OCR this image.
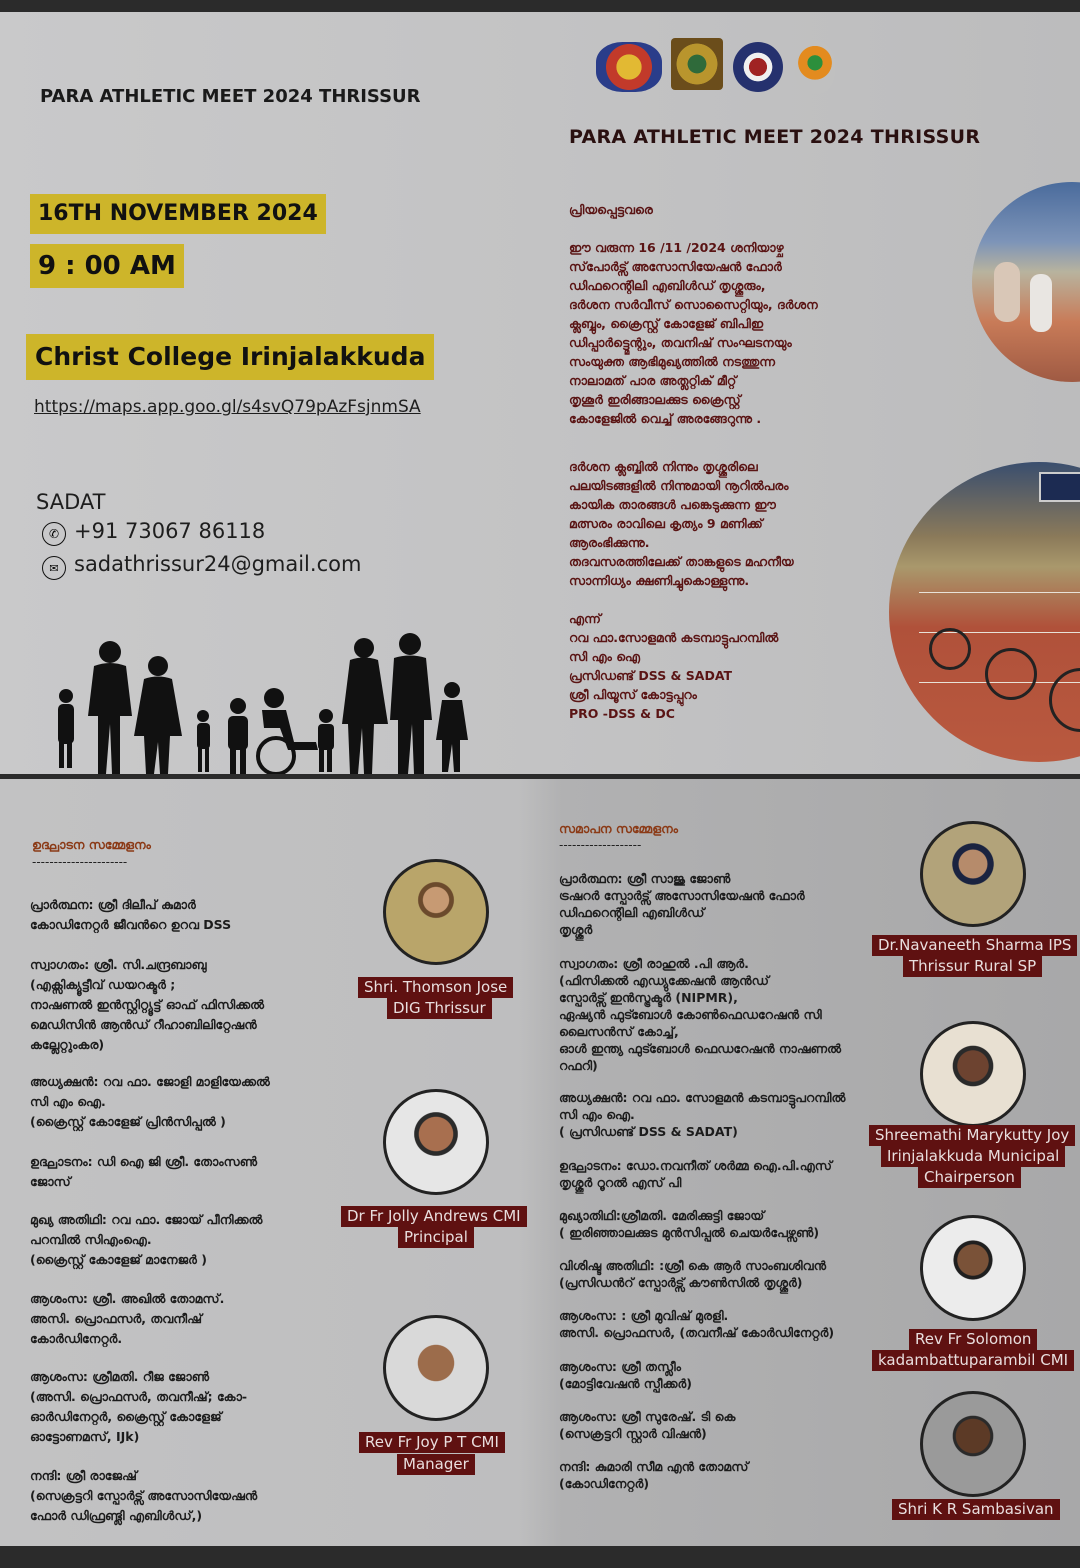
PARA ATHLETIC MEET 2024 THRISSUR
PARA ATHLETIC MEET 2024 THRISSUR
16TH NOVEMBER 2024
9 : 00 AM
Christ College Irinjalakkuda
https://maps.app.goo.gl/s4svQ79pAzFsjnmSA
SADAT
✆ +91 73067 86118
✉ sadathrissur24@gmail.com
പ്രിയപ്പെട്ടവരെ
ഈ വരുന്ന 16 /11 /2024 ശനിയാഴ്ച
സ്‌പോർട്സ് അസോസിയേഷൻ ഫോർ
ഡിഫറെന്റിലി എബിൾഡ് തൃശ്ശൂരും,
ദർശന സർവീസ് സൊസൈറ്റിയും, ദർശന
ക്ലബ്ബും, ക്രൈസ്റ്റ് കോളേജ് ബിപിഇ
ഡിപ്പാർട്ട്മെന്റും, തവനിഷ് സംഘടനയും
സംയുക്ത ആഭിമുഖ്യത്തിൽ നടത്തുന്ന
നാലാമത് പാര അത്ലറ്റിക് മീറ്റ്
തൃശൂർ ഇരിങ്ങാലക്കുട ക്രൈസ്റ്റ്
കോളേജിൽ വെച്ച് അരങ്ങേറുന്നു .
ദർശന ക്ലബ്ബിൽ നിന്നും തൃശ്ശൂരിലെ
പലയിടങ്ങളിൽ നിന്നുമായി നൂറിൽപരം
കായിക താരങ്ങൾ പങ്കെടുക്കുന്ന ഈ
മത്സരം രാവിലെ കൃത്യം 9 മണിക്ക്
ആരംഭിക്കുന്നു.
തദവസരത്തിലേക്ക് താങ്കളുടെ മഹനീയ
സാന്നിധ്യം ക്ഷണിച്ചുകൊള്ളുന്നു.
എന്ന്
റവ ഫാ.സോളമൻ കടമ്പാട്ടുപറമ്പിൽ
സി എം ഐ
പ്രസിഡണ്ട് DSS & SADAT
ശ്രീ പിയൂസ് കോട്ടപ്പുറം
PRO -DSS & DC
ഉദ്ഘാടന സമ്മേളനം
----------------------
പ്രാർത്ഥന: ശ്രീ ദിലീപ് കുമാർ
കോഡിനേറ്റർ ജീവൻറെ ഉറവ DSS
സ്വാഗതം: ശ്രീ. സി.ചന്ദ്രബാബു
(എക്സിക്യൂട്ടീവ് ഡയറക്ടർ ;
നാഷണൽ ഇൻസ്റ്റിറ്റ്യൂട്ട് ഓഫ് ഫിസിക്കൽ
മെഡിസിൻ ആൻഡ് റീഹാബിലിറ്റേഷൻ
കല്ലേറ്റുംകര)
അധ്യക്ഷൻ: റവ ഫാ. ജോളി മാളിയേക്കൽ
സി എം ഐ.
(ക്രൈസ്റ്റ് കോളേജ് പ്രിൻസിപ്പൽ )
ഉദ്ഘാടനം: ഡി ഐ ജി ശ്രീ. തോംസൺ
ജോസ്
മുഖ്യ അതിഥി: റവ ഫാ. ജോയ് പീനിക്കൽ
പറമ്പിൽ സിഎംഐ.
(ക്രൈസ്റ്റ് കോളേജ് മാനേജർ )
ആശംസ: ശ്രീ. അഖിൽ തോമസ്.
അസി. പ്രൊഫസർ, തവനീഷ്
കോർഡിനേറ്റർ.
ആശംസ: ശ്രീമതി. റീജ ജോൺ
(അസി. പ്രൊഫസർ, തവനീഷ്; കോ-
ഓർഡിനേറ്റർ, ക്രൈസ്റ്റ് കോളേജ്
ഓട്ടോണമസ്, IJk)
നന്ദി: ശ്രീ രാജേഷ്
(സെക്രട്ടറി സ്പോർട്സ് അസോസിയേഷൻ
ഫോർ ഡിഫ്രണ്ട്ലി എബിൾഡ്,)
Shri. Thomson Jose
DIG Thrissur
Dr Fr Jolly Andrews CMI
Principal
Rev Fr Joy P T CMI
Manager
സമാപന സമ്മേളനം
-------------------
പ്രാർത്ഥന: ശ്രീ സാജു ജോൺ
ട്രഷറർ സ്പോർട്സ് അസോസിയേഷൻ ഫോർ
ഡിഫറെന്റിലി എബിൾഡ്
തൃശ്ശൂർ
സ്വാഗതം: ശ്രീ രാഹുൽ .പി ആർ.
(ഫിസിക്കൽ എഡ്യുക്കേഷൻ ആൻഡ്
സ്പോർട്സ് ഇൻസ്ട്രക്ടർ (NIPMR),
ഏഷ്യൻ ഫുട്ബോൾ കോൺഫെഡറേഷൻ സി
ലൈസൻസ് കോച്ച്,
ഓൾ ഇന്ത്യ ഫുട്ബോൾ ഫെഡറേഷൻ നാഷണൽ
റഫറി)
അധ്യക്ഷൻ: റവ ഫാ. സോളമൻ കടമ്പാട്ടുപറമ്പിൽ
സി എം ഐ.
( പ്രസിഡണ്ട് DSS & SADAT)
ഉദ്ഘാടനം: ഡോ.നവനീത് ശർമ്മ ഐ.പി.എസ്
തൃശ്ശൂർ റൂറൽ എസ് പി
മുഖ്യാതിഥി:ശ്രീമതി. മേരിക്കുട്ടി ജോയ്
( ഇരിഞ്ഞാലക്കുട മുൻസിപ്പൽ ചെയർപേഴ്സൺ)
വിശിഷ്ട അതിഥി: :ശ്രീ കെ ആർ സാംബശിവൻ
(പ്രസിഡൻറ് സ്പോർട്സ് കൗൺസിൽ തൃശ്ശൂർ)
ആശംസ: : ശ്രീ മുവിഷ് മുരളി.
അസി. പ്രൊഫസർ, (തവനീഷ് കോർഡിനേറ്റർ)
ആശംസ: ശ്രീ തസ്ലീം
(മോട്ടിവേഷൻ സ്പീക്കർ)
ആശംസ: ശ്രീ സുരേഷ്. ടി കെ
(സെക്രട്ടറി സ്റ്റാർ വിഷൻ)
നന്ദി: കുമാരി സീമ എൻ തോമസ്
(കോഡിനേറ്റർ)
Dr.Navaneeth Sharma IPS
Thrissur Rural SP
Shreemathi Marykutty Joy
Irinjalakkuda Municipal
Chairperson
Rev Fr Solomon
kadambattuparambil CMI
Shri K R Sambasivan
